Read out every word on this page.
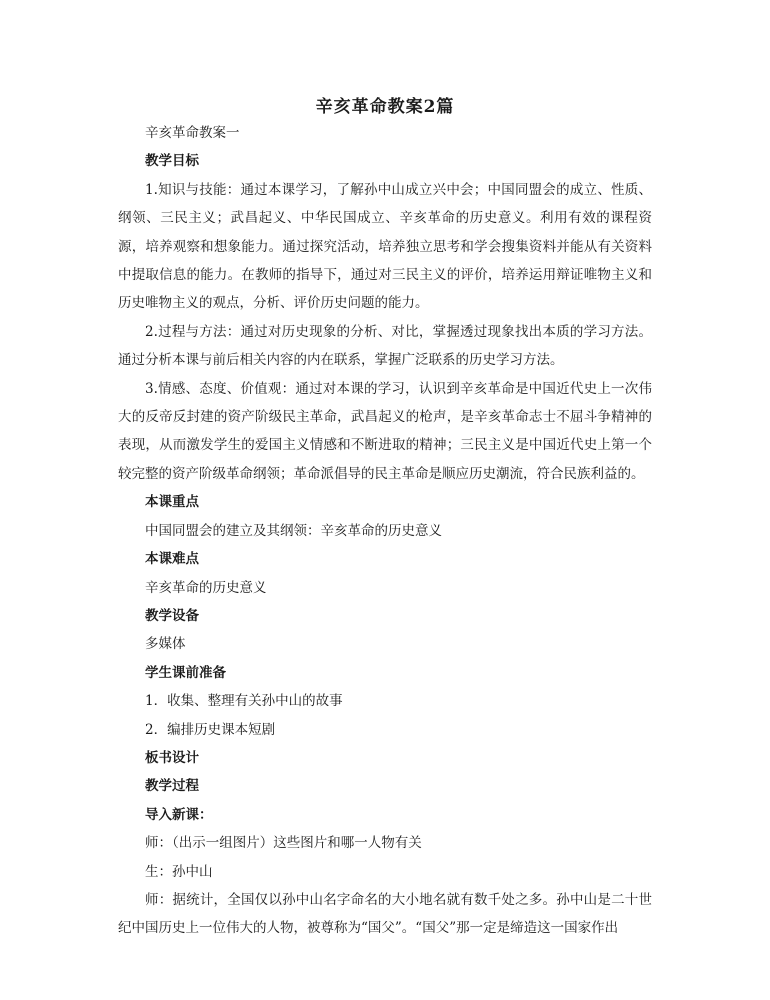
辛亥革命教案2篇

辛亥革命教案一

教学目标

1.知识与技能：通过本课学习，了解孙中山成立兴中会；中国同盟会的成立、性质、纲领、三民主义；武昌起义、中华民国成立、辛亥革命的历史意义。利用有效的课程资源，培养观察和想象能力。通过探究活动，培养独立思考和学会搜集资料并能从有关资料中提取信息的能力。在教师的指导下，通过对三民主义的评价，培养运用辩证唯物主义和历史唯物主义的观点，分析、评价历史问题的能力。

2.过程与方法：通过对历史现象的分析、对比，掌握透过现象找出本质的学习方法。通过分析本课与前后相关内容的内在联系，掌握广泛联系的历史学习方法。

3.情感、态度、价值观：通过对本课的学习，认识到辛亥革命是中国近代史上一次伟大的反帝反封建的资产阶级民主革命，武昌起义的枪声，是辛亥革命志士不屈斗争精神的表现，从而激发学生的爱国主义情感和不断进取的精神；三民主义是中国近代史上第一个较完整的资产阶级革命纲领；革命派倡导的民主革命是顺应历史潮流，符合民族利益的。

本课重点

中国同盟会的建立及其纲领：辛亥革命的历史意义

本课难点

辛亥革命的历史意义

教学设备

多媒体

学生课前准备

1．收集、整理有关孙中山的故事

2．编排历史课本短剧

板书设计

教学过程

导入新课：

师：（出示一组图片）这些图片和哪一人物有关

生：孙中山

师：据统计，全国仅以孙中山名字命名的大小地名就有数千处之多。孙中山是二十世纪中国历史上一位伟大的人物，被尊称为“国父”。“国父”那一定是缔造这一国家作出
